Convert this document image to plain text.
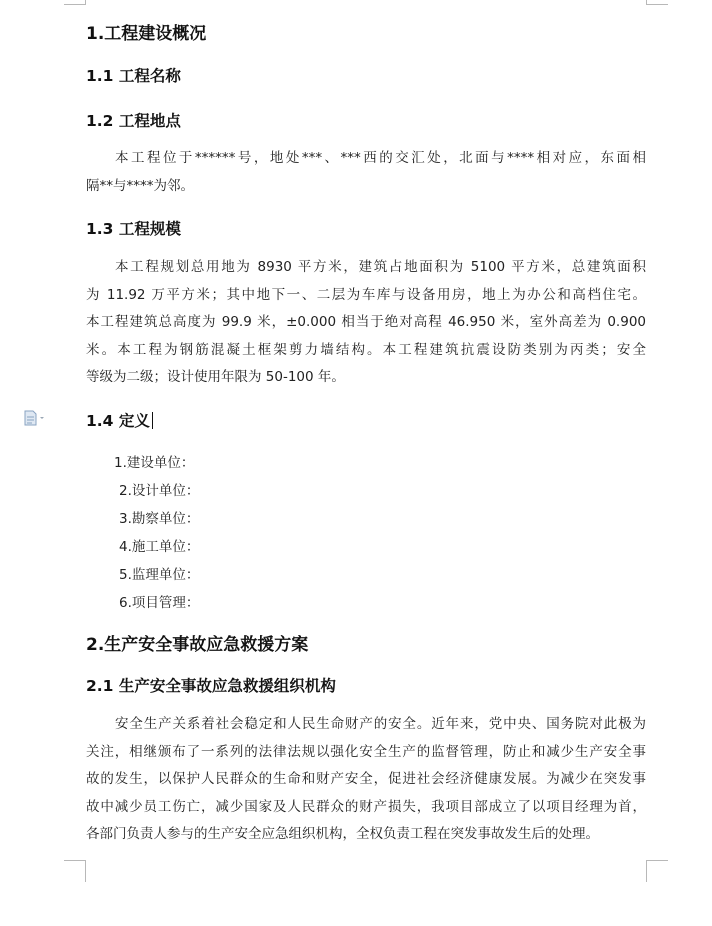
1.工程建设概况
1.1 工程名称
1.2 工程地点
本工程位于******号，地处***、***西的交汇处，北面与****相对应，东面相
隔**与****为邻。
1.3 工程规模
本工程规划总用地为 8930 平方米，建筑占地面积为 5100 平方米，总建筑面积
为 11.92 万平方米；其中地下一、二层为车库与设备用房，地上为办公和高档住宅。
本工程建筑总高度为 99.9 米，±0.000 相当于绝对高程 46.950 米，室外高差为 0.900
米。本工程为钢筋混凝土框架剪力墙结构。本工程建筑抗震设防类别为丙类；安全
等级为二级；设计使用年限为 50-100 年。
1.4 定义
1.建设单位：
2.设计单位：
3.勘察单位：
4.施工单位：
5.监理单位：
6.项目管理：
2.生产安全事故应急救援方案
2.1 生产安全事故应急救援组织机构
安全生产关系着社会稳定和人民生命财产的安全。近年来，党中央、国务院对此极为
关注，相继颁布了一系列的法律法规以强化安全生产的监督管理，防止和减少生产安全事
故的发生，以保护人民群众的生命和财产安全，促进社会经济健康发展。为减少在突发事
故中减少员工伤亡，减少国家及人民群众的财产损失，我项目部成立了以项目经理为首，
各部门负责人参与的生产安全应急组织机构，全权负责工程在突发事故发生后的处理。
